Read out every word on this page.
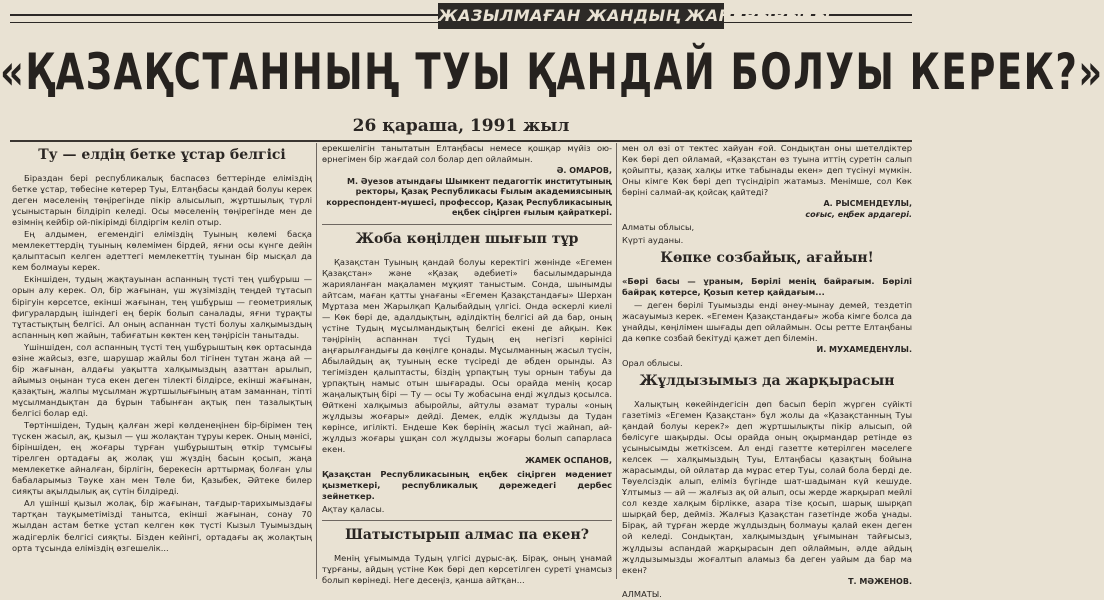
ЖАЗЫЛМАҒАН ЖАНДЫҢ ЖАНЕРЫРЫҒЫ
«ҚАЗАҚСТАННЫҢ ТУЫ ҚАНДАЙ БОЛУЫ КЕРЕК?»
26 қараша, 1991 жыл
Ту — елдің бетке ұстар белгісі

Біраздан бері республикалық баспасөз беттерінде еліміздің бетке ұстар, төбесіне көтерер Туы, Елтаңбасы қандай болуы керек деген мәселенің төңірегінде пікір алысылып, жұртшылық түрлі ұсыныстарын білдіріп келеді. Осы мәселенің төңірегінде мен де өзімнің кейбір ой-пікірімді білдіргім келіп отыр.

Ең алдымен, егемендігі еліміздің Туының көлемі басқа мемлекеттердің туының көлемімен бірдей, яғни осы күнге дейін қалыптасып келген әдеттегі мемлекеттің туынан бір мысқал да кем болмауы керек.

Екіншіден, тудың жақтауынан аспанның түсті тең үшбұрыш — орын алу керек. Ол, бір жағынан, үш жүзіміздің теңдей тұтасып бірігуін көрсетсе, екінші жағынан, тең үшбұрыш — геометриялық фигуралардың ішіндегі ең берік болып саналады, яғни тұрақты тұтастықтың белгісі. Ал оның аспаннан түсті болуы халқымыздың аспанның көп жайын, табиғатын көктен кең тәңірісін танытады.

Үшіншіден, сол аспанның түсті тең үшбұрыштың көк ортасында өзіне жайсыз, өзге, шарушар жайлы бол тігінен тұтан жаңа ай — бір жағынан, алдағы уақытта халқымыздың азаттан арылып, айымыз оңынан туса екен деген тілекті білдірсе, екінші жағынан, қазақтың, жалпы мұсылман жұртшылығының атам заманнан, тіпті мұсылмандықтан да бұрын табынған ақтық пен тазалықтың белгісі болар еді.

Төртіншіден, Тудың қалған жері көлденеңінен бір-бірімен тең түскен жасыл, ақ, қызыл — үш жолақтан тұруы керек. Оның мәнісі, біріншіден, ең жоғары тұрған үшбұрыштың өткір түмсығы тірелген ортадағы ақ жолақ үш жүздің басын қосып, жаңа мемлекетке айналған, бірлігін, берекесін арттырмақ болған ұлы бабаларымыз Тәуке хан мен Төле би, Қазыбек, Әйтеке билер сияқты ақылдылық ақ сүтін білдіреді.

Ал үшінші қызыл жолақ, бір жағынан, тағдыр-тарихымыздағы тартқан тауқыметімізді танытса, екінші жағынан, сонау 70 жылдан астам бетке ұстап келген көк түсті Кызыл Туымыздың жадігерлік белгісі сияқты. Бізден кейінгі, ортадағы ақ жолақтың орта тұсында еліміздің өзгешелік...

ерекшелігін танытатын Елтаңбасы немесе қошқар мүйіз ою-өрнегімен бір жағдай сол болар деп ойлаймын.

Ә. ОМАРОВ,
М. Әуезов атындағы Шымкент педагогтік институтының ректоры, Қазақ Республикасы Ғылым академиясының корреспондент-мүшесі, профессор, Қазақ Республикасының еңбек сіңірген ғылым қайраткері.
Жоба көңілден шығып тұр

Қазақстан Туының қандай болуы керектігі жөнінде «Егемен Қазақстан» және «Қазақ әдебиеті» басылымдарында жарияланған мақаламен мұқият таныстым. Сонда, шынымды айтсам, маған қатты ұнағаны «Егемен Қазақстандағы» Шерхан Мұртаза мен Жарылқап Қалыбайдың үлгісі. Онда әскерлі киелі — Көк бөрі де, адалдықтың, әділдіктің белгісі ай да бар, оның үстіне Тудың мұсылмандықтың белгісі екені де айқын. Көк тәңірінің аспаннан түсі Тудың ең негізгі көрінісі аңғарылғандығы да көңілге қонады. Мұсылманның жасыл түсін, Абылайдың ақ туының еске түсіреді де әбден орынды. Аз тегімізден қалыптасты, біздің ұрпақтың туы орнын табуы да ұрпақтың намыс отын шығарады. Осы орайда менің қосар жаңалықтың бірі — Ту — осы Ту жобасына енді жұлдыз қосылса. Өйткені халқымыз абыройлы, айтулы әзамат туралы «оның жұлдызы жоғары» дейді. Демек, елдік жұлдызы да Тудан көрінсе, игілікті. Ендеше Көк бөрінің жасыл түсі жайнап, ай-жұлдыз жоғары ұшқан сол жұлдызы жоғары болып сапарласа екен.

ЖАМЕК ОСПАНОВ,
Қазақстан Республикасының еңбек сіңірген мәдениет қызметкері, республикалық дәрежедегі дербес зейнеткер.
Ақтау қаласы.
Шатыстырып алмас па екен?

Менің ұғымымда Тудың үлгісі дұрыс-ақ. Бірақ, оның ұнамай тұрғаны, айдың үстіне Көк бөрі деп көрсетілген суреті ұнамсыз болып көрінеді. Неге десеңіз, қанша айтқан...

мен ол өзі от тектес хайуан ғой. Сондықтан оны шетелдіктер Көк бөрі деп ойламай, «Қазақстан өз туына иттің суретін салып қойыпты, қазақ халқы итке табынады екен» деп түсінуі мүмкін. Оны кімге Көк бөрі деп түсіндіріп жатамыз. Менімше, сол Көк бөріні салмай-ақ қойсақ қайтеді?

А. РЫСМЕНДЕҰЛЫ,
соғыс, еңбек ардагері.
Алматы облысы,
Күрті ауданы.
Көпке созбайық, ағайын!
«Бөрі басы — ұраным, Бөрілі менің байрағым. Бөрілі байрақ көтерсе, Қозып кетер қайдағым...

— деген бөрілі Туымызды енді әнеу-мынау демей, тездетіп жасауымыз керек. «Егемен Қазақстандағы» жоба кімге болса да ұнайды, көңілімен шығады деп ойлаймын. Осы ретте Елтаңбаны да көпке созбай бекітуді қажет деп білемін.

И. МУХАМЕДЕНҰЛЫ.
Орал облысы.
Жұлдызымыз да жарқырасын

Халықтың көкейіндегісін дөп басып беріп жүрген сүйікті газетіміз «Егемен Қазақстан» бұл жолы да «Қазақстанның Туы қандай болуы керек?» деп жұртшылықты пікір алысып, ой бөлісуге шақырды. Осы орайда оның оқырмандар ретінде өз ұсынысымды жеткізсем. Ал енді газетте көтерілген мәселеге келсек — халқымыздың Туы, Елтаңбасы қазақтың бойына жарасымды, ой ойлатар да мұрас етер Туы, солай бола берді де. Төуелсіздік алып, еліміз бүгінде шат-шадыман күй кешуде. Ұлтымыз — ай — жалғыз ақ ой алып, осы жерде жарқырап мейлі сол кезде халқым бірлікке, азара тізе қосып, шарық шырқап шырқай бер, дейміз. Жалғыз Қазақстан газетінде жоба ұнады. Бірақ, ай тұрған жерде жұлдыздың болмауы қалай екен деген ой келеді. Сондықтан, халқымыздың ұғымынан тайғысыз, жұлдызы аспандай жарқырасын деп ойлаймын, әлде айдың жұлдызымызды жоғалтып аламыз ба деген уайым да бар ма екен?

Т. МӘЖЕНОВ.
АЛМАТЫ.
